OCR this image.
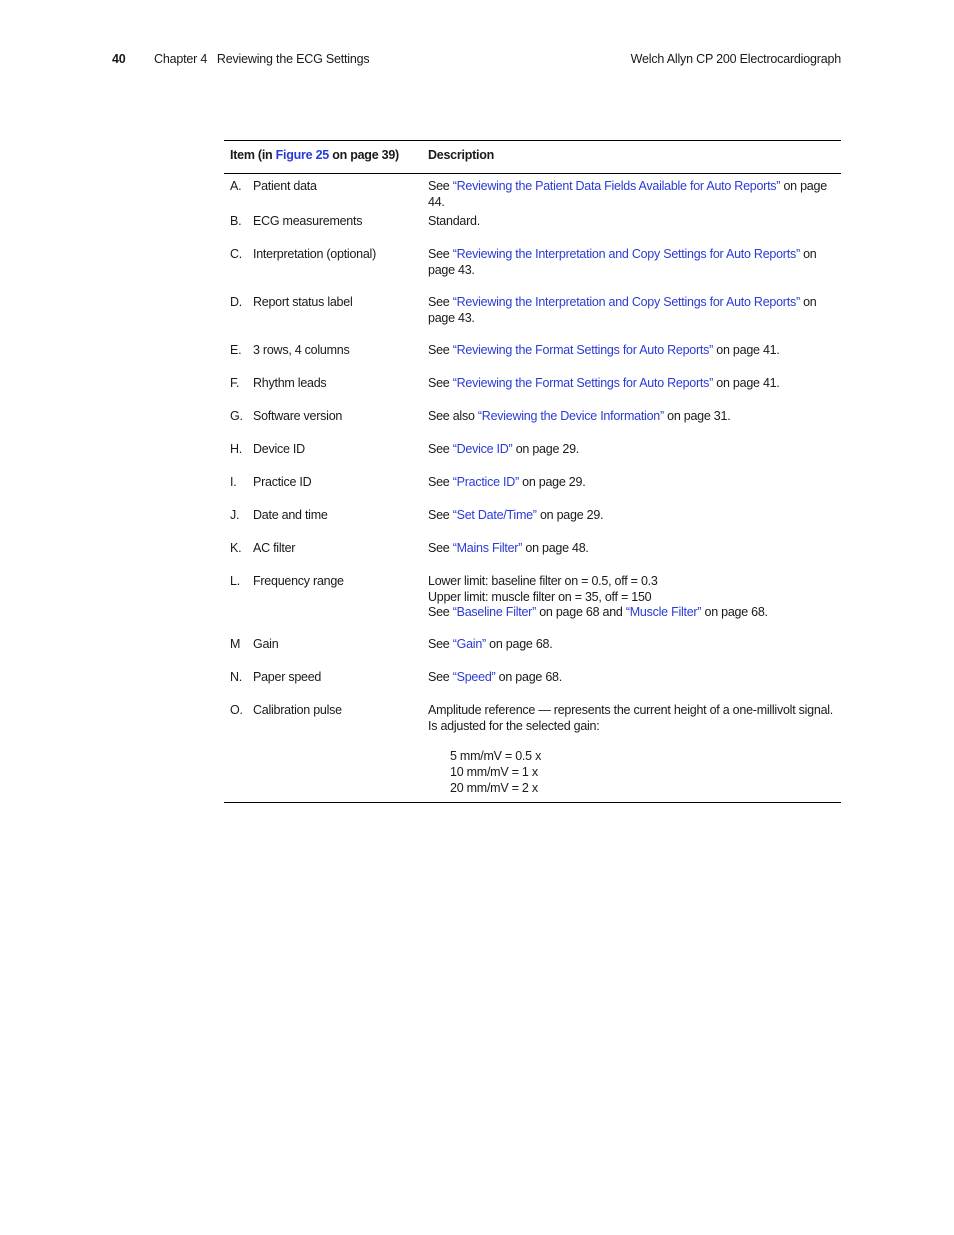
40 Chapter 4   Reviewing the ECG Settings	Welch Allyn CP 200 Electrocardiograph
Item (in Figure 25 on page 39)	Description
A. Patient data	See “Reviewing the Patient Data Fields Available for Auto Reports” on page 44.
B. ECG measurements	Standard.
C. Interpretation (optional)	See “Reviewing the Interpretation and Copy Settings for Auto Reports” on page 43.
D. Report status label	See “Reviewing the Interpretation and Copy Settings for Auto Reports” on page 43.
E. 3 rows, 4 columns	See “Reviewing the Format Settings for Auto Reports” on page 41.
F. Rhythm leads	See “Reviewing the Format Settings for Auto Reports” on page 41.
G. Software version	See also “Reviewing the Device Information” on page 31.
H. Device ID	See “Device ID” on page 29.
I. Practice ID	See “Practice ID” on page 29.
J. Date and time	See “Set Date/Time” on page 29.
K. AC filter	See “Mains Filter” on page 48.
L. Frequency range	Lower limit: baseline filter on = 0.5, off = 0.3
Upper limit: muscle filter on = 35, off = 150
See “Baseline Filter” on page 68 and “Muscle Filter” on page 68.
M Gain	See “Gain” on page 68.
N. Paper speed	See “Speed” on page 68.
O. Calibration pulse	Amplitude reference — represents the current height of a one-millivolt signal.
Is adjusted for the selected gain:
5 mm/mV = 0.5 x
10 mm/mV = 1 x
20 mm/mV = 2 x
